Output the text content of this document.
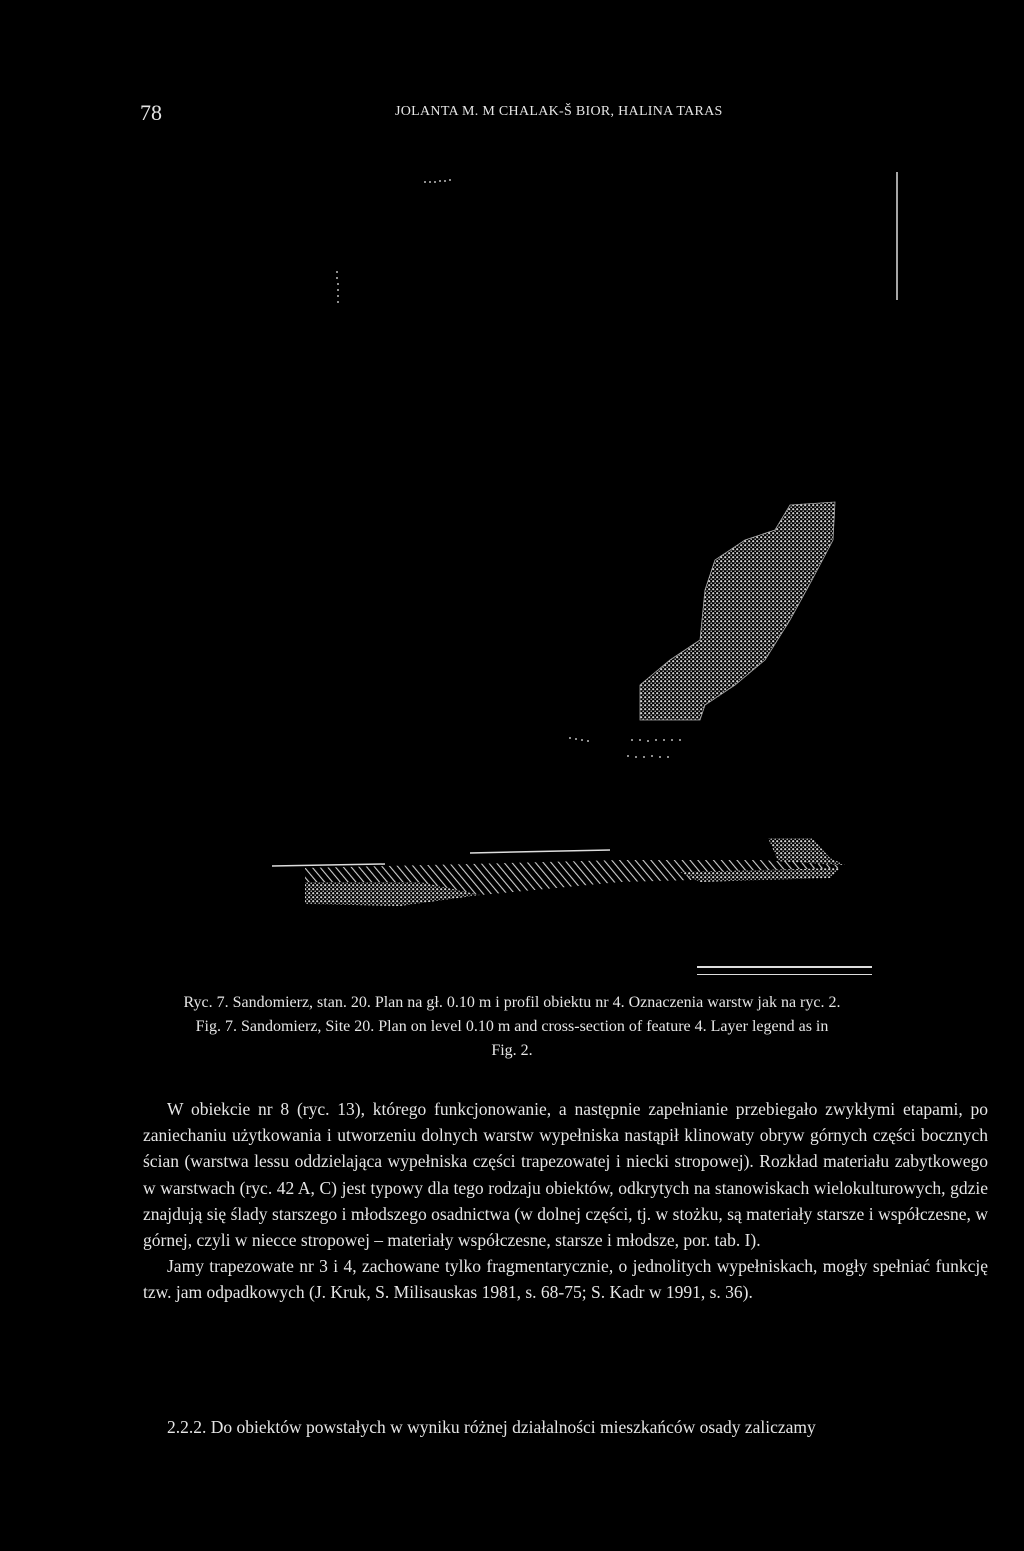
78	JOLANTA M. M CHALAK-Š BIOR, HALINA TARAS
Ryc. 7. Sandomierz, stan. 20. Plan na gł. 0.10 m i profil obiektu nr 4. Oznaczenia warstw jak na ryc. 2.
Fig. 7. Sandomierz, Site 20. Plan on level 0.10 m and cross-section of feature 4. Layer legend as in
Fig. 2.

W obiekcie nr 8 (ryc. 13), którego funkcjonowanie, a następnie zapełnianie przebiegało zwykłymi etapami, po zaniechaniu użytkowania i utworzeniu dolnych warstw wypełniska nastąpił klinowaty obryw górnych części bocznych ścian (warstwa lessu oddzielająca wypełniska części trapezowatej i niecki stropowej). Rozkład materiału zabytkowego w warstwach (ryc. 42 A, C) jest typowy dla tego rodzaju obiektów, odkrytych na stanowiskach wielokulturowych, gdzie znajdują się ślady starszego i młodszego osadnictwa (w dolnej części, tj. w stożku, są materiały starsze i współczesne, w górnej, czyli w niecce stropowej – materiały współczesne, starsze i młodsze, por. tab. I).

Jamy trapezowate nr 3 i 4, zachowane tylko fragmentarycznie, o jednolitych wypełniskach, mogły spełniać funkcję tzw. jam odpadkowych (J. Kruk, S. Milisauskas 1981, s. 68-75; S. Kadr w 1991, s. 36).

2.2.2. Do obiektów powstałych w wyniku różnej działalności mieszkańców osady zaliczamy
